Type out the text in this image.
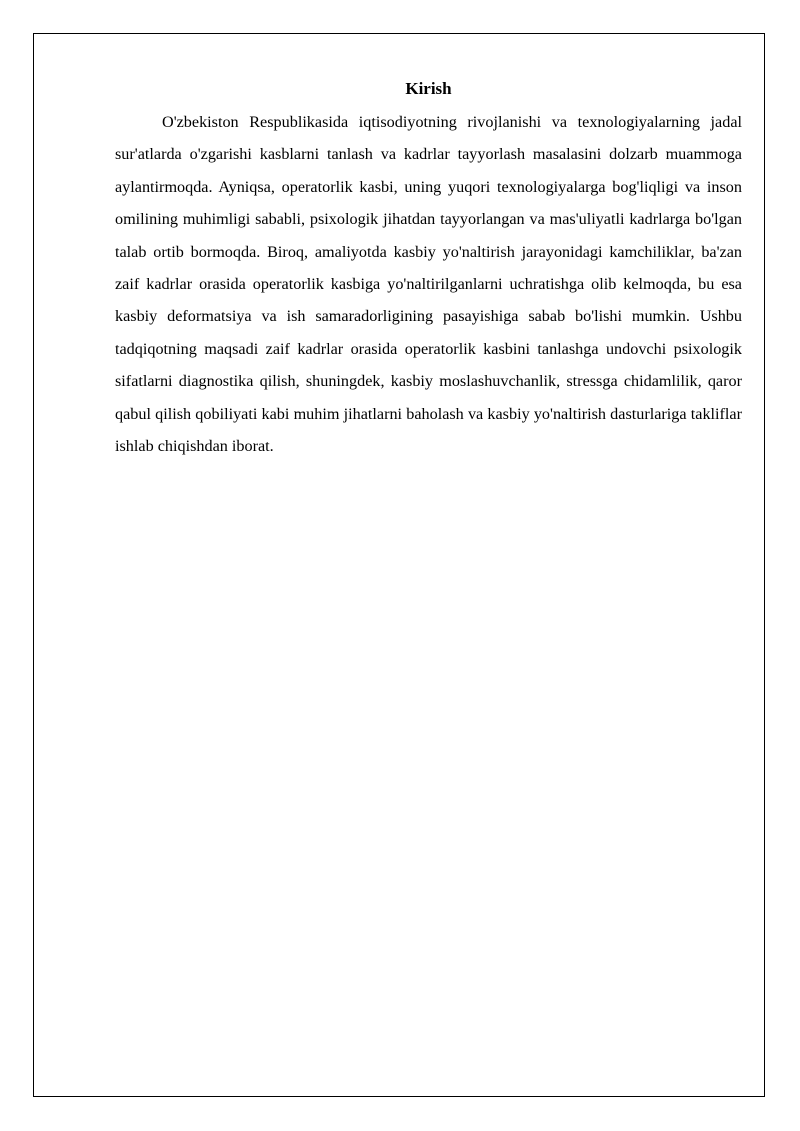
Kirish

O'zbekiston Respublikasida iqtisodiyotning rivojlanishi va texnologiyalarning jadal sur'atlarda o'zgarishi kasblarni tanlash va kadrlar tayyorlash masalasini dolzarb muammoga aylantirmoqda. Ayniqsa, operatorlik kasbi, uning yuqori texnologiyalarga bog'liqligi va inson omilining muhimligi sababli, psixologik jihatdan tayyorlangan va mas'uliyatli kadrlarga bo'lgan talab ortib bormoqda. Biroq, amaliyotda kasbiy yo'naltirish jarayonidagi kamchiliklar, ba'zan zaif kadrlar orasida operatorlik kasbiga yo'naltirilganlarni uchratishga olib kelmoqda, bu esa kasbiy deformatsiya va ish samaradorligining pasayishiga sabab bo'lishi mumkin. Ushbu tadqiqotning maqsadi zaif kadrlar orasida operatorlik kasbini tanlashga undovchi psixologik sifatlarni diagnostika qilish, shuningdek, kasbiy moslashuvchanlik, stressga chidamlilik, qaror qabul qilish qobiliyati kabi muhim jihatlarni baholash va kasbiy yo'naltirish dasturlariga takliflar ishlab chiqishdan iborat.
